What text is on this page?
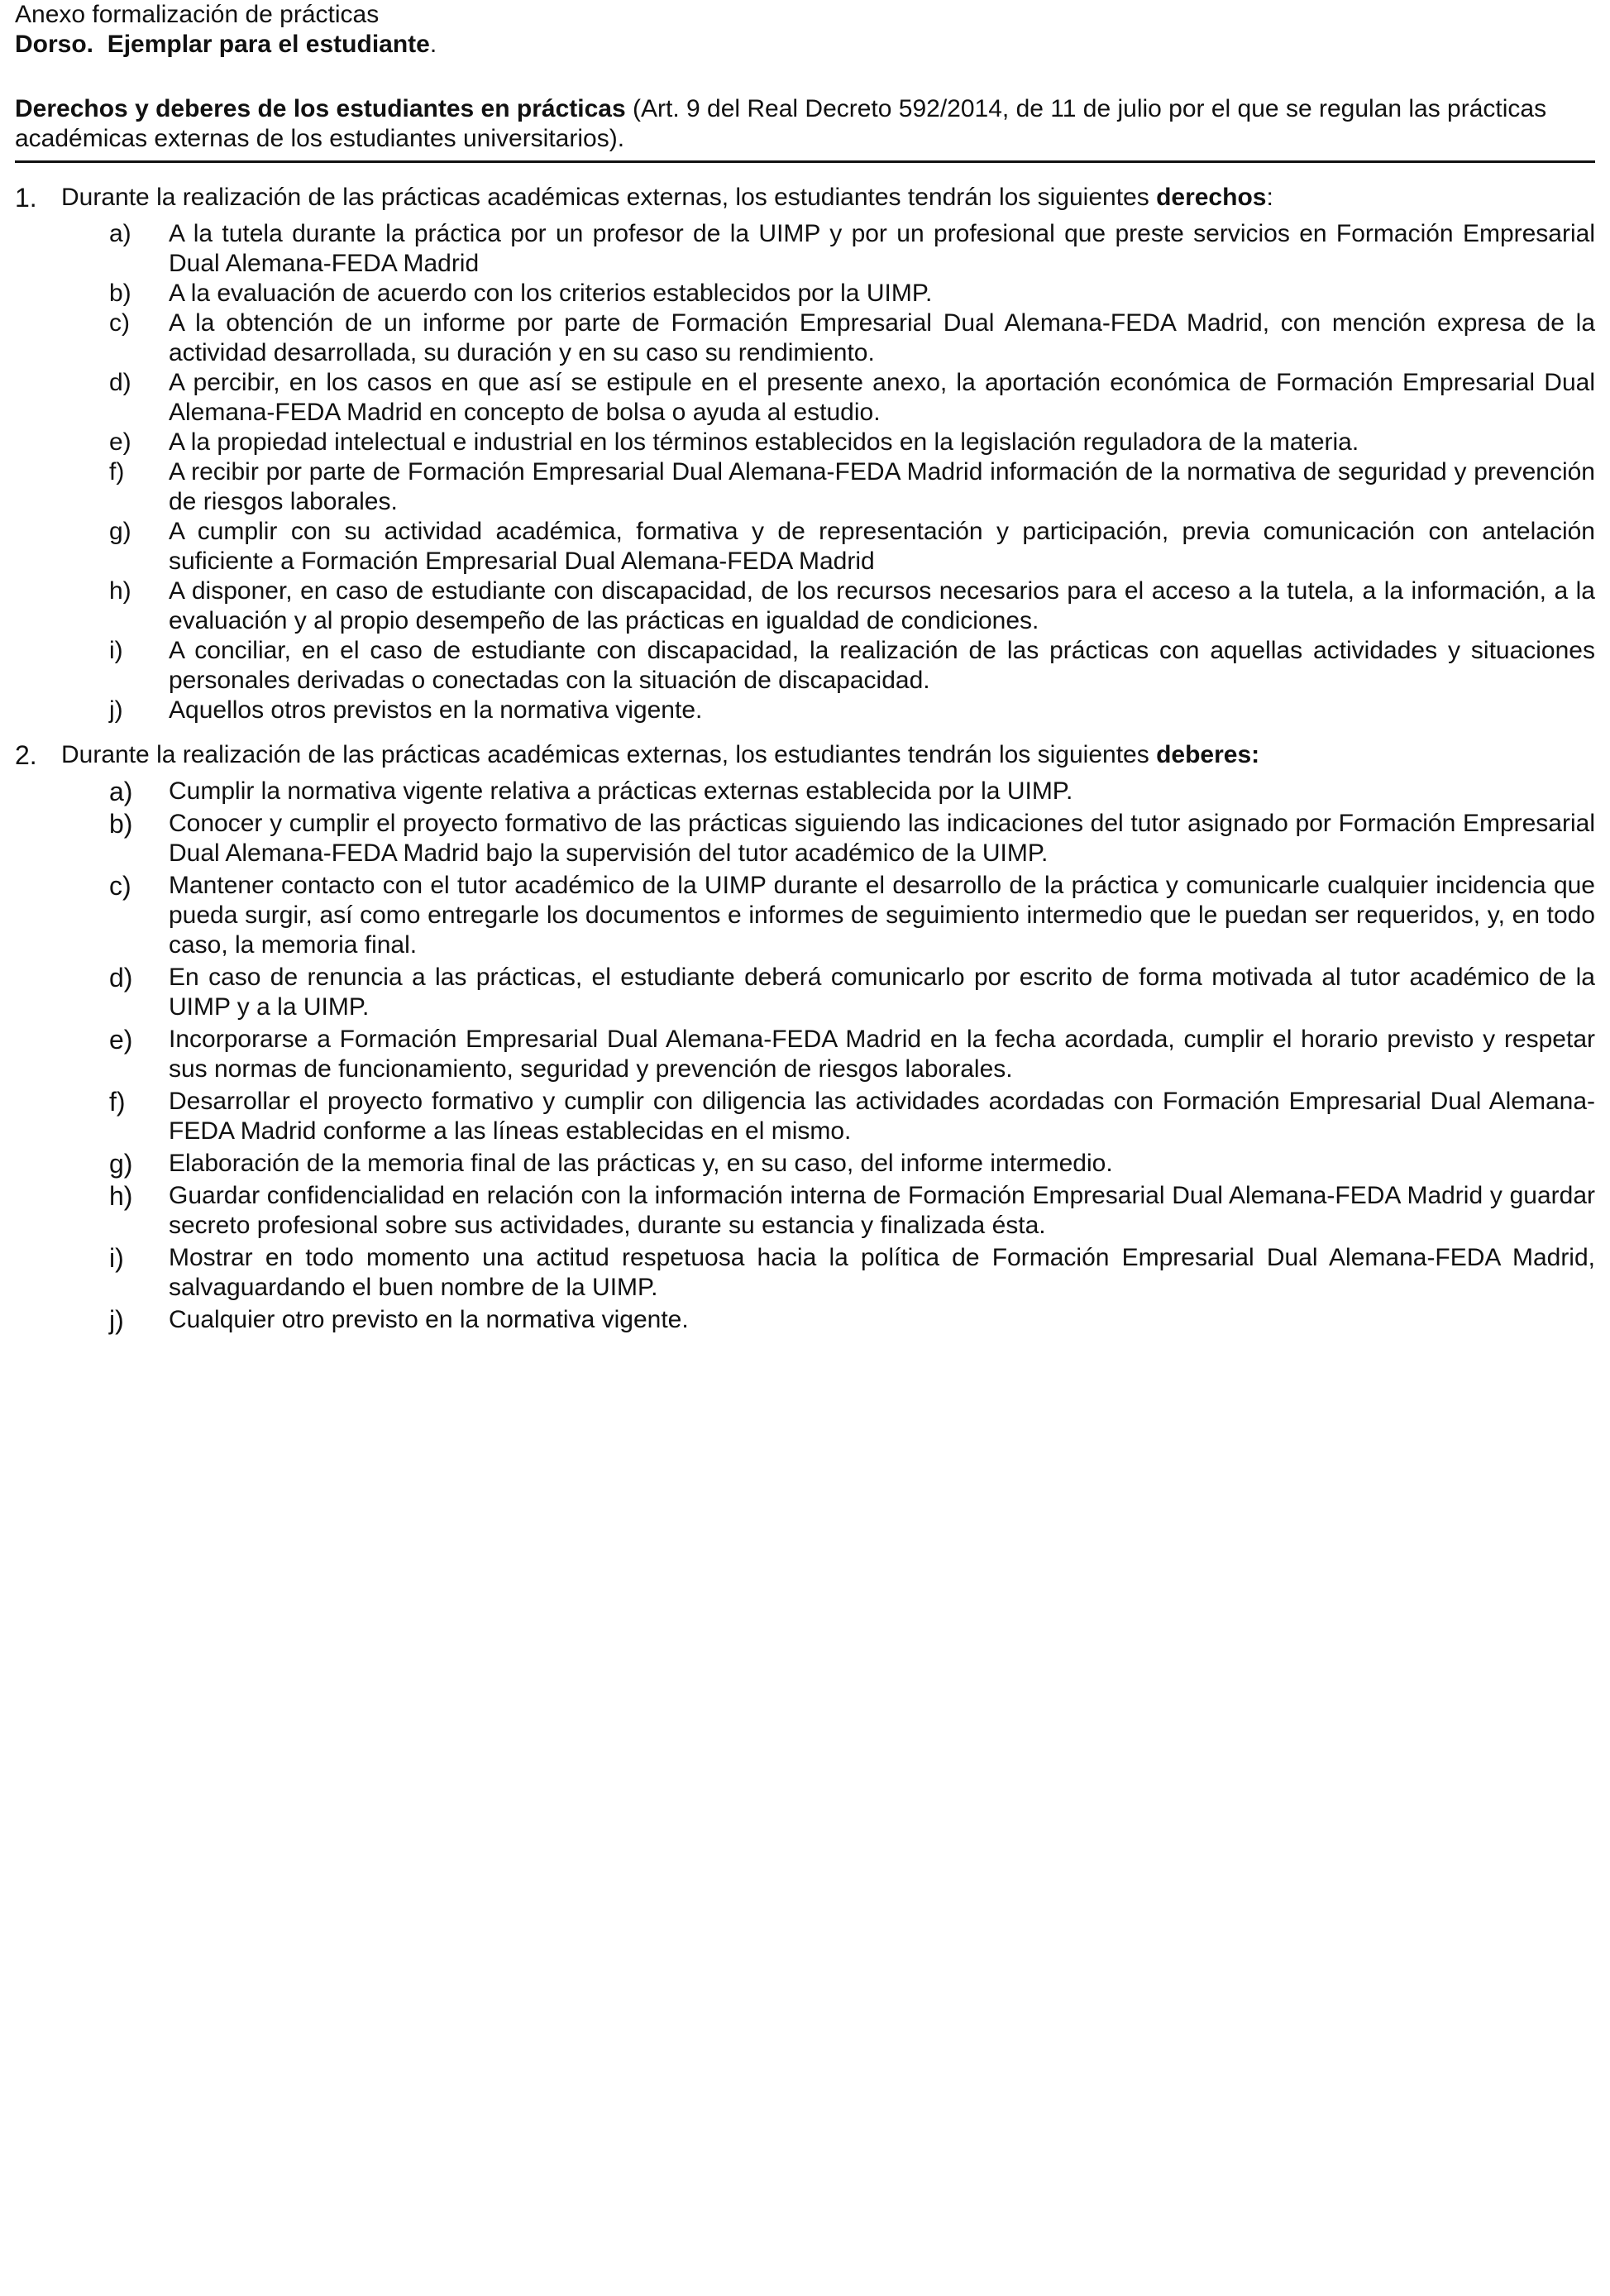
Anexo formalización de prácticas
Dorso. Ejemplar para el estudiante.
Derechos y deberes de los estudiantes en prácticas (Art. 9 del Real Decreto 592/2014, de 11 de julio por el que se regulan las prácticas académicas externas de los estudiantes universitarios).
1. Durante la realización de las prácticas académicas externas, los estudiantes tendrán los siguientes derechos:
a)	A la tutela durante la práctica por un profesor de la UIMP y por un profesional que preste servicios en Formación Empresarial Dual Alemana-FEDA Madrid
b)	A la evaluación de acuerdo con los criterios establecidos por la UIMP.
c)	A la obtención de un informe por parte de Formación Empresarial Dual Alemana-FEDA Madrid, con mención expresa de la actividad desarrollada, su duración y en su caso su rendimiento.
d)	A percibir, en los casos en que así se estipule en el presente anexo, la aportación económica de Formación Empresarial Dual Alemana-FEDA Madrid en concepto de bolsa o ayuda al estudio.
e)	A la propiedad intelectual e industrial en los términos establecidos en la legislación reguladora de la materia.
f)	A recibir por parte de Formación Empresarial Dual Alemana-FEDA Madrid información de la normativa de seguridad y prevención de riesgos laborales.
g)	A cumplir con su actividad académica, formativa y de representación y participación, previa comunicación con antelación suficiente a Formación Empresarial Dual Alemana-FEDA Madrid
h)	A disponer, en caso de estudiante con discapacidad, de los recursos necesarios para el acceso a la tutela, a la información, a la evaluación y al propio desempeño de las prácticas en igualdad de condiciones.
i)	A conciliar, en el caso de estudiante con discapacidad, la realización de las prácticas con aquellas actividades y situaciones personales derivadas o conectadas con la situación de discapacidad.
j)	Aquellos otros previstos en la normativa vigente.
2. Durante la realización de las prácticas académicas externas, los estudiantes tendrán los siguientes deberes:
a)	Cumplir la normativa vigente relativa a prácticas externas establecida por la UIMP.
b)	Conocer y cumplir el proyecto formativo de las prácticas siguiendo las indicaciones del tutor asignado por Formación Empresarial Dual Alemana-FEDA Madrid bajo la supervisión del tutor académico de la UIMP.
c)	Mantener contacto con el tutor académico de la UIMP durante el desarrollo de la práctica y comunicarle cualquier incidencia que pueda surgir, así como entregarle los documentos e informes de seguimiento intermedio que le puedan ser requeridos, y, en todo caso, la memoria final.
d)	En caso de renuncia a las prácticas, el estudiante deberá comunicarlo por escrito de forma motivada al tutor académico de la UIMP y a la UIMP.
e)	Incorporarse a Formación Empresarial Dual Alemana-FEDA Madrid en la fecha acordada, cumplir el horario previsto y respetar sus normas de funcionamiento, seguridad y prevención de riesgos laborales.
f)	Desarrollar el proyecto formativo y cumplir con diligencia las actividades acordadas con Formación Empresarial Dual Alemana-FEDA Madrid conforme a las líneas establecidas en el mismo.
g)	Elaboración de la memoria final de las prácticas y, en su caso, del informe intermedio.
h)	Guardar confidencialidad en relación con la información interna de Formación Empresarial Dual Alemana-FEDA Madrid y guardar secreto profesional sobre sus actividades, durante su estancia y finalizada ésta.
i)	Mostrar en todo momento una actitud respetuosa hacia la política de Formación Empresarial Dual Alemana-FEDA Madrid, salvaguardando el buen nombre de la UIMP.
j)	Cualquier otro previsto en la normativa vigente.
